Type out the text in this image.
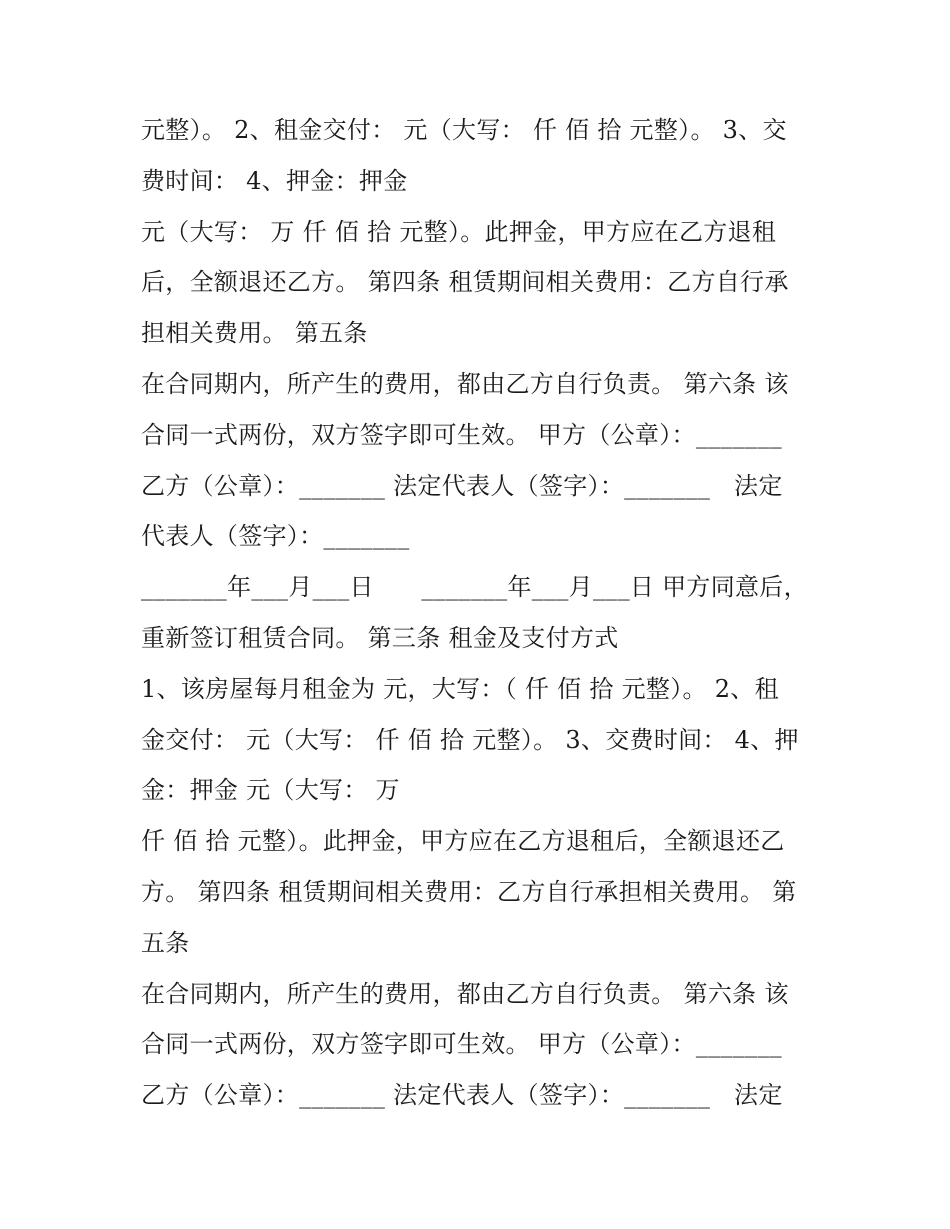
元整）。 2、租金交付： 元（大写： 仟 佰 拾 元整）。 3、交
费时间： 4、押金：押金
元（大写： 万 仟 佰 拾 元整）。此押金，甲方应在乙方退租
后，全额退还乙方。 第四条 租赁期间相关费用：乙方自行承
担相关费用。 第五条
在合同期内，所产生的费用，都由乙方自行负责。 第六条 该
合同一式两份，双方签字即可生效。 甲方（公章）：_______
乙方（公章）：_______ 法定代表人（签字）：_______   法定
代表人（签字）：_______
_______年___月___日      _______年___月___日 甲方同意后，
重新签订租赁合同。 第三条 租金及支付方式
1、该房屋每月租金为 元，大写：（ 仟 佰 拾 元整）。 2、租
金交付： 元（大写： 仟 佰 拾 元整）。 3、交费时间： 4、押
金：押金 元（大写： 万
仟 佰 拾 元整）。此押金，甲方应在乙方退租后，全额退还乙
方。 第四条 租赁期间相关费用：乙方自行承担相关费用。 第
五条
在合同期内，所产生的费用，都由乙方自行负责。 第六条 该
合同一式两份，双方签字即可生效。 甲方（公章）：_______
乙方（公章）：_______ 法定代表人（签字）：_______   法定
